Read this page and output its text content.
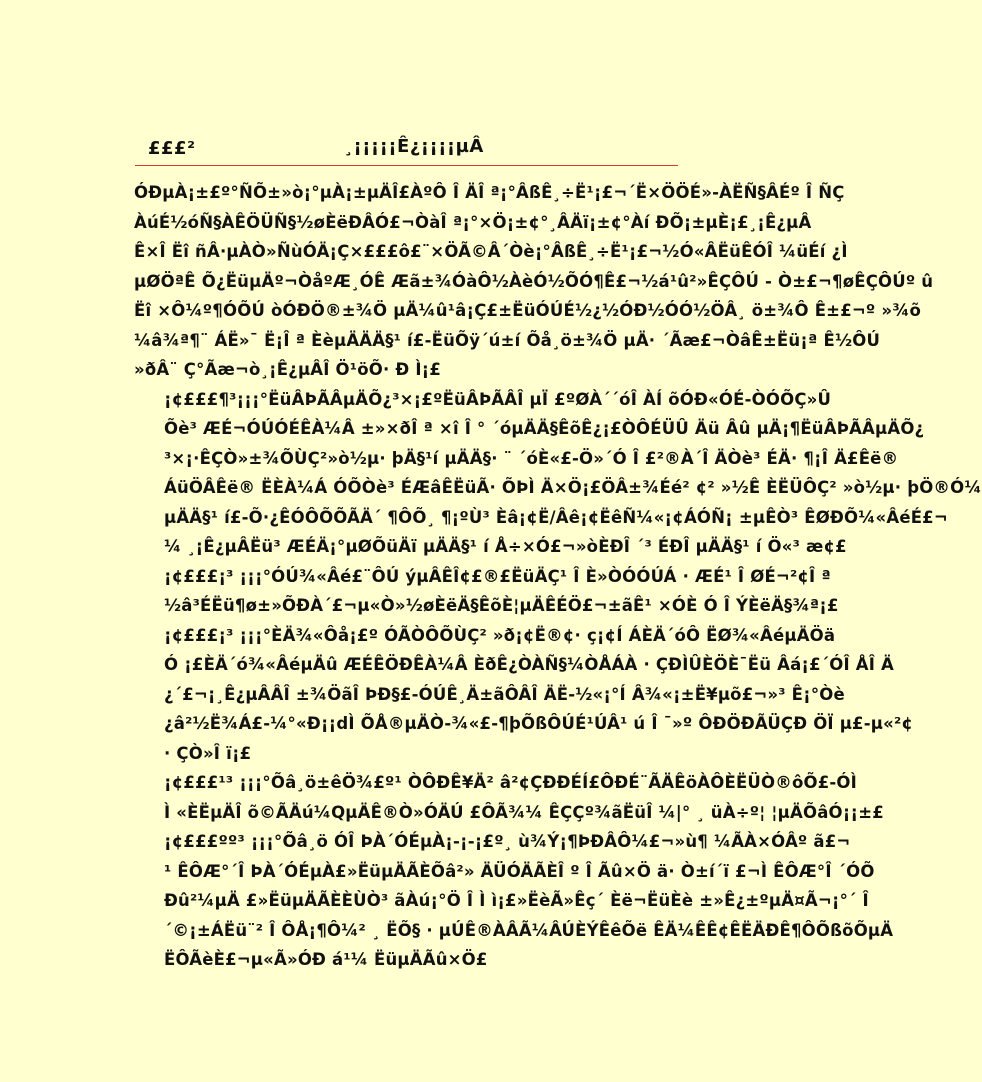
£££²	¸¡¡¡¡¡Ê¿¡¡¡¡µÂ
ÓÐµÀ¡±£º°ÑÕ±»ò¡°µÀ¡±µÄÎ£ÀºÔ Î ÄÎ ª¡°ÂßÊ¸÷Ë¹¡£¬´Ë×ÖÖÉ»-ÀËÑ§ÂÉº Î ÑÇ
ÀúÉ½óÑ§ÀÊÖÜÑ§½øÈëÐÂÓ£¬ÒàÎ ª¡°×Ö¡±¢°¸ÂÄï¡±¢°Àí ÐÕ¡±µÈ¡£¸¡Ê¿µÂ
Ê×Î Ëî ñÂ·µÀÒ»ÑùÓÄ¡Ç×£££ô£¨×ÖÃ©Â´Òè¡°ÂßÊ¸÷Ë¹¡£¬½Ó«ÂËüÊÓÎ ¼üÉí ¿Ì
µØÖªÊ Õ¿ËüµÄº¬ÒåºÆ¸ÓÊ Æã±¾ÓàÔ½ÀèÓ½ÕÓ¶Ê£¬½á¹û²»ÊÇÔÚ - Ò±£¬¶øÊÇÔÚº û
Ëî ×Ô¼º¶ÓÕÚ òÓÐÖ®±¾Ö µÄ¼û¹â¡Ç£±ËüÓÚÉ½¿½ÓÐ½ÓÓ½ÖÂ¸ ö±¾Ô Ê±£¬º »¾õ
¼â¾ª¶¨ ÁË»¯ Ë¡Î ª ÈèµÄÄÄ§¹ í£-ËüÕÿ´ú±í Õå¸ö±¾Ö µÄ· ´Ãæ£¬ÒâÊ±Ëü¡ª Ê½ÔÚ
»ðÂ¨ Ç°Ãæ¬ò¸¡Ê¿µÂÎ Ö¹öÕ· Ð Ì¡£
¡¢£££¶³¡¡¡°ËüÂÞÃÂµÄÕ¿³×¡£ºËüÂÞÃÂÎ µÏ £ºØÀ´´óÎ ÀÍ õÓÐ«ÓÉ-ÒÓÕÇ»Û
Õè³ ÆÉ¬ÓÚÓÉÊÀ¼Â ±»×ðÎ ª ×î Î ° ´óµÄÄ§ÊõÊ¿¡£ÒÔÉÜÛ Äü Âû µÄ¡¶ËüÂÞÃÂµÄÕ¿
³×¡·ÊÇÒ»±¾ÕÙÇ²»ò½µ· þÄ§¹í µÄÄ§· ¨ ´óÈ«£-Ö»´Ó Î £²®À´Î ÄÒè³ ÉÄ· ¶¡Î Ä£Êë®
ÁüÖÂÊë® ËÈÀ¼Á ÓÕÒè³ ÉÆâÊËüÃ· ÕÞÌ Ä×Ö¡£ÖÂ±¾Éé² ¢² »½Ê ÈËÜÔÇ² »ò½µ· þÖ®Ó¼
µÄÄ§¹ í£-Õ·¿ÊÓÔÕÕÃÄ´ ¶ÔÕ¸ ¶¡ºÙ³ Èâ¡¢Ë/Âê¡¢ËêÑ¼«¡¢ÁÓÑ¡ ±µÊÒ³ ÊØÐÕ¼«ÂéÉ£¬
¼ ¸¡Ê¿µÂËü³ ÆÉÄ¡°µØÕüÄï µÄÄ§¹ í Å÷×Ó£¬»òÈÐÎ ´³ ÉÐÎ µÄÄ§¹ í Ö«³ æ¢£
¡¢£££¡³ ¡¡¡°ÓÚ¾«Âé£¨ÔÚ ýµÂÊÎ¢£®£ËüÄÇ¹ Î È»ÒÓÓÚÁ · ÆÉ¹ Î ØÉ¬²¢Î ª
½â³ÉËü¶ø±»ÕÐÀ´£¬µ«Ò»½øÈëÄ§ÊõÈ¦µÄÊÉÖ£¬±ãÊ¹ ×ÓÈ Ó Î ÝÈëÄ§¾ª¡£
¡¢£££¡³ ¡¡¡°ÈÄ¾«Ôå¡£º ÓÃÒÔÕÙÇ² »ð¡¢Ë®¢· ç¡¢Í ÁÈÄ´óÔ ËØ¾«ÂéµÄÖä
Ó ¡£ÈÄ´ó¾«ÂéµÄû ÆÉÊÖÐÊÀ¼Â ÈðÊ¿ÒÀÑ§¼ÒÅÁÀ · ÇÐÌÛÈÖÈ¯Ëü Âá¡£´ÓÎ ÅÎ Ä
¿´£¬¡¸Ê¿µÂÂÎ ±¾ÖãÎ ÞÐ§£-ÓÚÊ¸Ä±ãÔÂÎ ÄË-½«¡°Í Â¾«¡±Ë¥µõ£¬»³ Ê¡°Òè
¿â²½Ë¾Á£-¼°«Ð¡¡dÌ ÕÅ®µÄÒ-¾«£-¶þÕßÔÚÉ¹ÚÂ¹ ú Î ¯»º ÔÐÖÐÃÜÇÐ ÖÏ µ£-µ«²¢
· ÇÒ»Î ï¡£
¡¢£££¹³ ¡¡¡°Õâ¸ö±êÖ¾£º¹ ÒÔÐÊ¥Ä² â²¢ÇÐÐÉÍ£ÔÐÉ¨ÃÄÊöÀÔÈËÜÒ®ôÕ£-ÓÌ
Ì «ÈËµÄÎ õ©ÃÄú¼QµÄÊ®Ò»ÓÄÚ £ÔÃ¾¼ ÊÇÇº¾ãËüÎ ¼|° ¸ üÀ÷º¦ ¦µÄÕâÓ¡¡±£
¡¢£££ºº³ ¡¡¡°Õâ¸ö ÓÎ ÞÀ´ÓÉµÀ¡-¡-¡£º¸ ù¾Ý¡¶ÞÐÂÔ¼£¬»ù¶ ¼ÃÀ×ÓÂº ã£¬
¹ ÊÔÆ°´Î ÞÀ´ÓÉµÀ£»ËüµÄÃÈÕâ²» ÄÜÓÄÃÈÎ º Î Ãû×Ö ä· Ò±í´ï £¬Ì ÊÔÆ°Î ´ÓÕ
Ðû²¼µÄ £»ËüµÄÃÈÈÙÒ³ ãÀú¡°Ö Î Ì ì¡£»ËèÃ»Êç´ Èë¬ËüÈè ±»Ê¿±ºµÄ¤Ã¬¡°´ Î
´©¡±ÁËü¨² Î ÔÅ¡¶Ô¼² ¸ ËÕ§ · µÚÊ®ÀÂÃ¼ÂÚÈÝÊêÕë ÊÄ¼ÊÊ¢ÊËÄÐÊ¶ÔÕßõÕµÄ
ËÔÃèÈ£¬µ«Ã»ÓÐ á¹¼ ËüµÄÃû×Ö£
